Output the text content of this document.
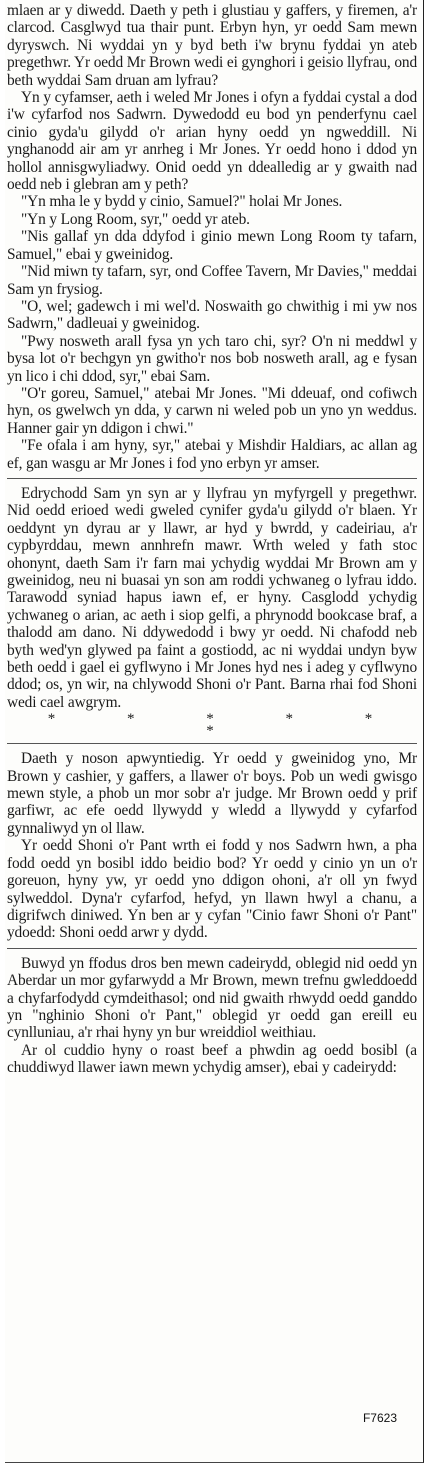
mlaen ar y diwedd. Daeth y peth i glustiau y gaffers, y firemen, a'r clarcod. Casglwyd tua thair punt. Erbyn hyn, yr oedd Sam mewn dyryswch. Ni wyddai yn y byd beth i'w brynu fyddai yn ateb pregethwr. Yr oedd Mr Brown wedi ei gynghori i geisio llyfrau, ond beth wyddai Sam druan am lyfrau?

Yn y cyfamser, aeth i weled Mr Jones i ofyn a fyddai cystal a dod i'w cyfarfod nos Sadwrn. Dywedodd eu bod yn penderfynu cael cinio gyda'u gilydd o'r arian hyny oedd yn ngweddill. Ni ynghanodd air am yr anrheg i Mr Jones. Yr oedd hono i ddod yn hollol annisgwyliadwy. Onid oedd yn ddealledig ar y gwaith nad oedd neb i glebran am y peth?

"Yn mha le y bydd y cinio, Samuel?" holai Mr Jones.

"Yn y Long Room, syr," oedd yr ateb.

"Nis gallaf yn dda ddyfod i ginio mewn Long Room ty tafarn, Samuel," ebai y gweinidog.

"Nid miwn ty tafarn, syr, ond Coffee Tavern, Mr Davies," meddai Sam yn frysiog.

"O, wel; gadewch i mi wel'd. Noswaith go chwithig i mi yw nos Sadwrn," dadleuai y gweinidog.

"Pwy nosweth arall fysa yn ych taro chi, syr? O'n ni meddwl y bysa lot o'r bechgyn yn gwitho'r nos bob nosweth arall, ag e fysan yn lico i chi ddod, syr," ebai Sam.

"O'r goreu, Samuel," atebai Mr Jones. "Mi ddeuaf, ond cofiwch hyn, os gwelwch yn dda, y carwn ni weled pob un yno yn weddus. Hanner gair yn ddigon i chwi."

"Fe ofala i am hyny, syr," atebai y Mishdir Haldiars, ac allan ag ef, gan wasgu ar Mr Jones i fod yno erbyn yr amser.

Edrychodd Sam yn syn ar y llyfrau yn myfyrgell y pregethwr. Nid oedd erioed wedi gweled cynifer gyda'u gilydd o'r blaen. Yr oeddynt yn dyrau ar y llawr, ar hyd y bwrdd, y cadeiriau, a'r cypbyrddau, mewn annhrefn mawr. Wrth weled y fath stoc ohonynt, daeth Sam i'r farn mai ychydig wyddai Mr Brown am y gweinidog, neu ni buasai yn son am roddi ychwaneg o lyfrau iddo. Tarawodd syniad hapus iawn ef, er hyny. Casglodd ychydig ychwaneg o arian, ac aeth i siop gelfi, a phrynodd bookcase braf, a thalodd am dano. Ni ddywedodd i bwy yr oedd. Ni chafodd neb byth wed'yn glywed pa faint a gostiodd, ac ni wyddai undyn byw beth oedd i gael ei gyflwyno i Mr Jones hyd nes i adeg y cyflwyno ddod; os, yn wir, na chlywodd Shoni o'r Pant. Barna rhai fod Shoni wedi cael awgrym.

* * * * * *

Daeth y noson apwyntiedig. Yr oedd y gweinidog yno, Mr Brown y cashier, y gaffers, a llawer o'r boys. Pob un wedi gwisgo mewn style, a phob un mor sobr a'r judge. Mr Brown oedd y prif garfiwr, ac efe oedd llywydd y wledd a llywydd y cyfarfod gynnaliwyd yn ol llaw.

Yr oedd Shoni o'r Pant wrth ei fodd y nos Sadwrn hwn, a pha fodd oedd yn bosibl iddo beidio bod? Yr oedd y cinio yn un o'r goreuon, hyny yw, yr oedd yno ddigon ohoni, a'r oll yn fwyd sylweddol. Dyna'r cyfarfod, hefyd, yn llawn hwyl a chanu, a digrifwch diniwed. Yn ben ar y cyfan "Cinio fawr Shoni o'r Pant" ydoedd: Shoni oedd arwr y dydd.

Buwyd yn ffodus dros ben mewn cadeirydd, oblegid nid oedd yn Aberdar un mor gyfarwydd a Mr Brown, mewn trefnu gwleddoedd a chyfarfodydd cymdeithasol; ond nid gwaith rhwydd oedd ganddo yn "nghinio Shoni o'r Pant," oblegid yr oedd gan ereill eu cynlluniau, a'r rhai hyny yn bur wreiddiol weithiau.

Ar ol cuddio hyny o roast beef a phwdin ag oedd bosibl (a chuddiwyd llawer iawn mewn ychydig amser), ebai y cadeirydd:

F7623
